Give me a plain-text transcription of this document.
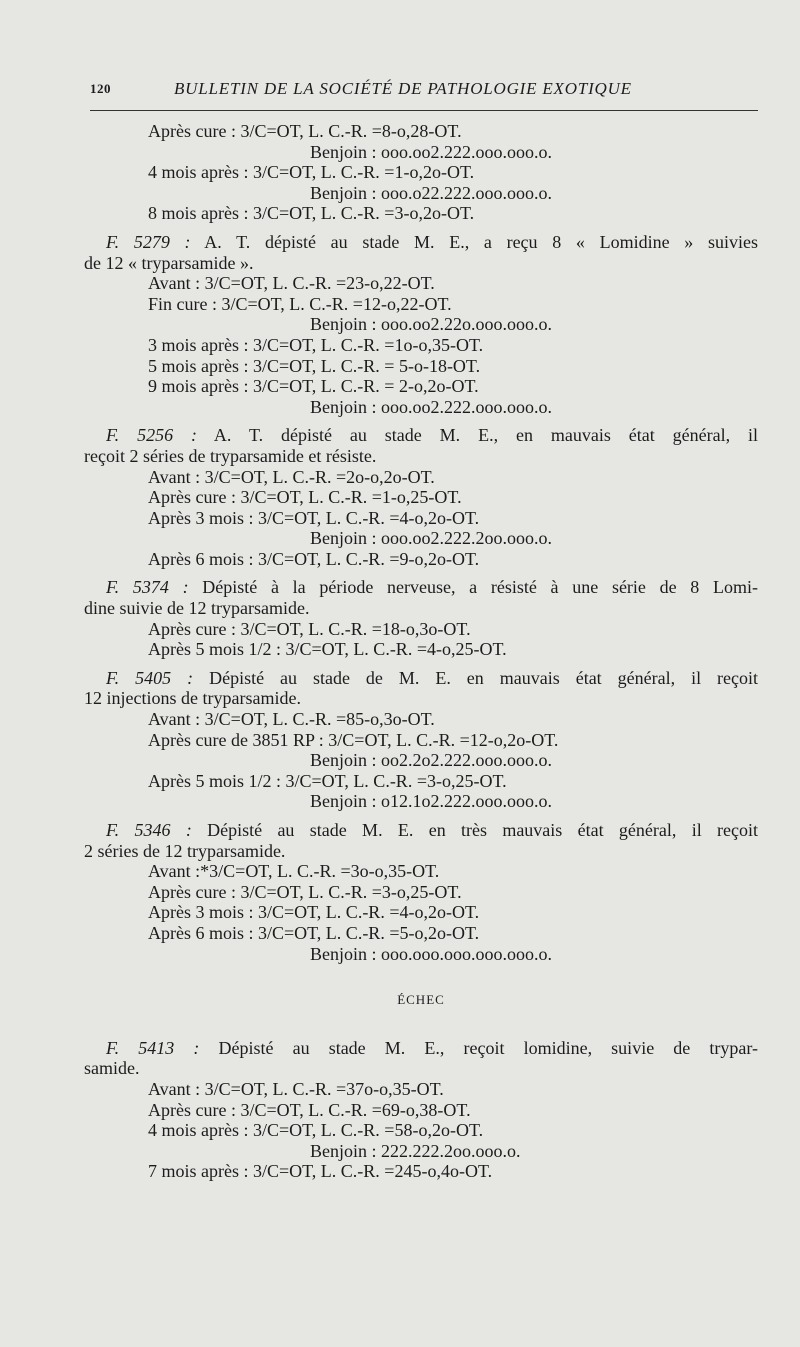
120	BULLETIN DE LA SOCIÉTÉ DE PATHOLOGIE EXOTIQUE
Après cure : 3/C=OT, L. C.-R. =8-o,28-OT.
Benjoin : ooo.oo2.222.ooo.ooo.o.
4 mois après : 3/C=OT, L. C.-R. =1-o,2o-OT.
Benjoin : ooo.o22.222.ooo.ooo.o.
8 mois après : 3/C=OT, L. C.-R. =3-o,2o-OT.
F. 5279 : A. T. dépisté au stade M. E., a reçu 8 « Lomidine » suivies
de 12 « tryparsamide ».
Avant : 3/C=OT, L. C.-R. =23-o,22-OT.
Fin cure : 3/C=OT, L. C.-R. =12-o,22-OT.
Benjoin : ooo.oo2.22o.ooo.ooo.o.
3 mois après : 3/C=OT, L. C.-R. =1o-o,35-OT.
5 mois après : 3/C=OT, L. C.-R. = 5-o-18-OT.
9 mois après : 3/C=OT, L. C.-R. = 2-o,2o-OT.
Benjoin : ooo.oo2.222.ooo.ooo.o.
F. 5256 : A. T. dépisté au stade M. E., en mauvais état général, il
reçoit 2 séries de tryparsamide et résiste.
Avant : 3/C=OT, L. C.-R. =2o-o,2o-OT.
Après cure : 3/C=OT, L. C.-R. =1-o,25-OT.
Après 3 mois : 3/C=OT, L. C.-R. =4-o,2o-OT.
Benjoin : ooo.oo2.222.2oo.ooo.o.
Après 6 mois : 3/C=OT, L. C.-R. =9-o,2o-OT.
F. 5374 : Dépisté à la période nerveuse, a résisté à une série de 8 Lomi-
dine suivie de 12 tryparsamide.
Après cure : 3/C=OT, L. C.-R. =18-o,3o-OT.
Après 5 mois 1/2 : 3/C=OT, L. C.-R. =4-o,25-OT.
F. 5405 : Dépisté au stade de M. E. en mauvais état général, il reçoit
12 injections de tryparsamide.
Avant : 3/C=OT, L. C.-R. =85-o,3o-OT.
Après cure de 3851 RP : 3/C=OT, L. C.-R. =12-o,2o-OT.
Benjoin : oo2.2o2.222.ooo.ooo.o.
Après 5 mois 1/2 : 3/C=OT, L. C.-R. =3-o,25-OT.
Benjoin : o12.1o2.222.ooo.ooo.o.
F. 5346 : Dépisté au stade M. E. en très mauvais état général, il reçoit
2 séries de 12 tryparsamide.
Avant :*3/C=OT, L. C.-R. =3o-o,35-OT.
Après cure : 3/C=OT, L. C.-R. =3-o,25-OT.
Après 3 mois : 3/C=OT, L. C.-R. =4-o,2o-OT.
Après 6 mois : 3/C=OT, L. C.-R. =5-o,2o-OT.
Benjoin : ooo.ooo.ooo.ooo.ooo.o.
ÉCHEC
F. 5413 : Dépisté au stade M. E., reçoit lomidine, suivie de trypar-
samide.
Avant : 3/C=OT, L. C.-R. =37o-o,35-OT.
Après cure : 3/C=OT, L. C.-R. =69-o,38-OT.
4 mois après : 3/C=OT, L. C.-R. =58-o,2o-OT.
Benjoin : 222.222.2oo.ooo.o.
7 mois après : 3/C=OT, L. C.-R. =245-o,4o-OT.
